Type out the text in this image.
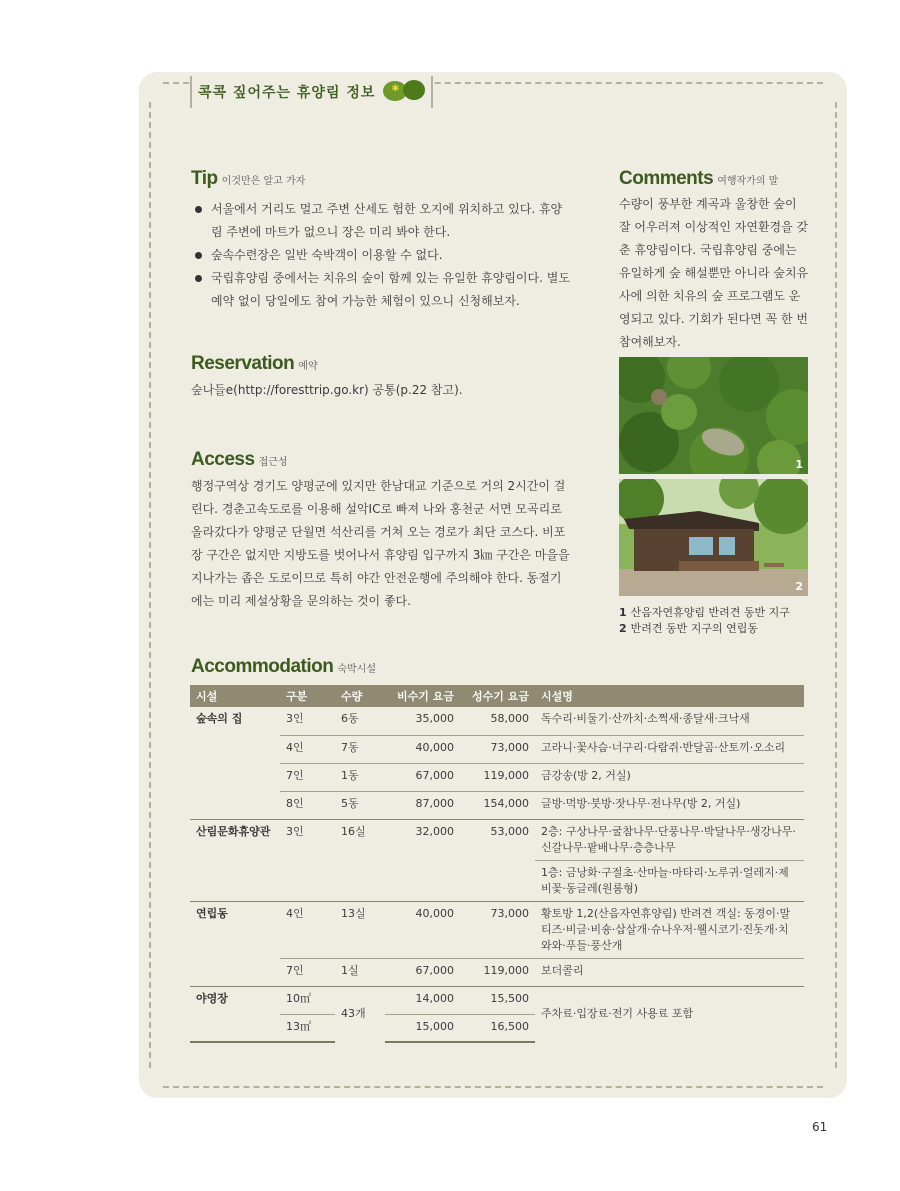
콕콕 짚어주는 휴양림 정보	*
Tip 이것만은 알고 가자
서울에서 거리도 멀고 주변 산세도 험한 오지에 위치하고 있다. 휴양림 주변에 마트가 없으니 장은 미리 봐야 한다.
숲속수련장은 일반 숙박객이 이용할 수 없다.
국립휴양림 중에서는 치유의 숲이 함께 있는 유일한 휴양림이다. 별도 예약 없이 당일에도 참여 가능한 체험이 있으니 신청해보자.
Reservation 예약
숲나들e(http://foresttrip.go.kr) 공통(p.22 참고).
Access 접근성
행정구역상 경기도 양평군에 있지만 한남대교 기준으로 거의 2시간이 걸린다. 경춘고속도로를 이용해 설악IC로 빠져 나와 홍천군 서면 모곡리로 올라갔다가 양평군 단월면 석산리를 거쳐 오는 경로가 최단 코스다. 비포장 구간은 없지만 지방도를 벗어나서 휴양림 입구까지 3㎞ 구간은 마을을 지나가는 좁은 도로이므로 특히 야간 안전운행에 주의해야 한다. 동절기에는 미리 제설상황을 문의하는 것이 좋다.
Comments 여행작가의 말
수량이 풍부한 계곡과 울창한 숲이 잘 어우러져 이상적인 자연환경을 갖춘 휴양림이다. 국립휴양림 중에는 유일하게 숲 해설뿐만 아니라 숲치유사에 의한 치유의 숲 프로그램도 운영되고 있다. 기회가 된다면 꼭 한 번 참여해보자.
1
2
1 산음자연휴양림 반려견 동반 지구
2 반려견 동반 지구의 연립동
Accommodation 숙박시설
시설	구분	수량	비수기 요금	성수기 요금	시설명
숲속의 집	3인	6동	35,000	58,000	독수리·비둘기·산까치·소쩍새·종달새·크낙새
	4인	7동	40,000	73,000	고라니·꽃사슴·너구리·다람쥐·반달곰·산토끼·오소리
	7인	1동	67,000	119,000	금강송(방 2, 거실)
	8인	5동	87,000	154,000	글방·먹방·붓방·잣나무·전나무(방 2, 거실)
산림문화휴양관	3인	16실	32,000	53,000	2층: 구상나무·굴참나무·단풍나무·박달나무·생강나무·신갈나무·팥배나무·층층나무
					1층: 금낭화·구절초·산마늘·마타리·노루귀·얼레지·제비꽃·동글레(원룸형)
연립동	4인	13실	40,000	73,000	황토방 1,2(산음자연휴양림) 반려견 객실: 동경이·말티즈·비글·비숑·삽살개·슈나우저·웰시코기·진돗개·치와와·푸들·풍산개
	7인	1실	67,000	119,000	보더콜리
야영장	10㎡	43개	14,000	15,500	주차료·입장료·전기 사용료 포함
	13㎡		15,000	16,500	
61
